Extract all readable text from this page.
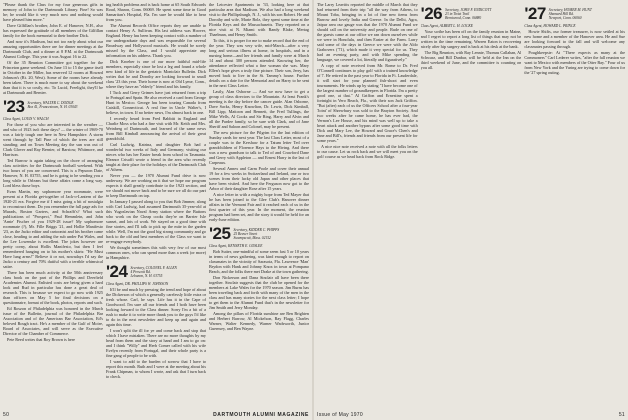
"Please thank the Class for my four generous gifts in memory of John to the Dartmouth Library. Fine! So was he; he would like it very much now and nothing would have pleased him more."

Dave Gilfillan's brother, John E. of Hanover, N.H., also has expressed the gratitude of all members of the Gilfillan family for the book memorial to their brother Dick.

And now it's Madison, but not too early about what our amazing opportunities there are for dinner meetings at the Dartmouth Club, and a dinner at 8 P.M. at the Dartmouth Alumni College. This year it was August 16 to 22.

Of the 35 Reunion Committee got together for the Princeton game weekend. On June 13 to 15 the game itself in October in the Miller, has reserved 12 rooms at Howard Johnson's (Rt. 20, West). Some of the rooms have already been taken. There is much more to say about the weekend than that it is so costly, etc. To Lucid, Freelight, they'll be at Dartmouth and Bernier.

'23 Secretary, WALTER C. DODGE
Box 41, Francestown, N. H. 03043
Class Agent, LOUIS V. WALCH

For those of you who are interested in the weather — and who of 1923 isn't these days? — the winter of 1969-70 was a fairly tough one here in New Hampshire. A storm went through by Tall Pine of which the trees are still standing; and on Town Meeting day the sun was out of Clark Glover and Ray Bernier, of Barstow, Whitmore, and Harrison.

Ted Barrow is again taking on the chore of arranging class activities for the Dartmouth football weekend. With two hours of you are concerned. This is a Pepsoon Date, Hanover, N. H. 03755, and he is going to be sending you a long while to Orleans but these affairs come a long way. Lord bless those boys.

Evan Martin, my sophomore year roommate, were present at a Florida get-together of Jack-o-Lantern of the 1920-21 era. Forgive me if I miss going a bit of nostalgia to reconstruct them. Do you remember the full page ads for Murads, Boston Garters, and Schrafft's? What such publications of "Prospect," Paul Hemmlein, and John 'Arnie' Fischer of you 1929-28 issue? My sophomore roommate (?), Mr. Fille Briggs '21, and Hollie Manifesto '23, as the Jacko editor and cartoonist and his brother came close, heading to and adding the sub under Pat Wales, and the Lee Lowenske is excellent. The jokes however are pretty corny, about Hollis Manifesto, but then I feel remembered hanging on to his mother's skirts: "He Must Have lung arms!" Believe it or not, nowadays I'd say the Jacko a century and 70% dutiful with a terrible whimsical satire.

There has been much activity at the 50th anniversary class book on the part of the Phillips and Deerfield Academies Alumni. Enlisted costs are being given a hard look and Rud in particular has done a great deal of research. This is because we expect to go now with 1925 than officers on May 5 for final decisions on a questionnaire, format of the book, photos, reports and such.

Ed Roszon of Philadelphia was honored in the March issue of the Bulletin, journal of the Philadelphia Bar Association and of the American Bar Association, Ed's beloved Rough tract. He's a member of the Gulf of Moire, Board of Associates, and will serve as the Executive Director of the Chamber of Commerce.

Pete Reed writes that Roy Brown is here

ing health problems and is back home at 65 South Edwards Road, Sharon, Conn. 06069. He spent some time in Good Samaritan's Hospital, Fla. I'm sure he would like to hear from you.

The Alumni Records Office reports they are unable to contact Henry A. Sullivan. His last address was Hoover, England. Henry has been keeping contact with a number of our undergraduate days and was responsible for several Broadway and Hollywood musicals. He would be sorely missed by the Class, and I would appreciate any information on his address. Thank you.

Dick Kroeber is one of our more faithful mid-life members, especially since he lost a leg and found a whole new kind of life in the geriatric Montclair Bulletin. Dick writes that he and Dorothy are looking forward to small class '23 this year. Their home is now at Old Lyme, Conn., where they have an "elderly" friend and his family.

I Tuck and Gerry Grimes have just returned from a trip to Portugal and Spain. He also received a card from George Hunt in Mexico. George has been touring Canada from Catskill, Connecticut. A real fine in Uncle Walter's, I believe, in town. If no better news, I'm almost back in one.

I recently heard from Fred Babbitt in England and Charlie Moss who had a fine visit with Mr. Keith and Mrs. Weinberg of Dartmouth, and learned of the same news from Bill Kimball announcing the arrival of their great grandchild.

Carl Ludwig, Katrina, and daughter Bob had a wonderful two weeks of Italy and Germany; visiting our nieces who has her Easter break from school in Tasmania. Eleanor Crisaffi wrote a friend in the area who recently taught at their place for the holidays of the Dartmouth Club of Athens.

Never you — the 1970 Alumni Fund drive is now underway. We are working on it that we hope our program expects it shall greatly contribute to the 1923 section, and we should not move back and to be sure we all do our part to keep Dartmouth on top.

In January I passed along to you that Bob Jimmer, along with Carl Ludwig, had assumed Dartmouth 35-year-old at this Yugoslavian Naval Army station where the Buttons who work on the Cheap cooks they're on Barrier Isle sunset, and lots of work. We stayed on a good time with fine stories, and I'll talk to pick up the mite in the garden while. Well, I'm not the good big strong community and go back to the old and best members of the Class we want to re-engage everybody.

We thought sometimes this with very few of our most common ones, who can spend more than a week (or more) in Hampshire.

'24 Secretary, COLONEL F. ALLEN
4 Prescott Rd.
Lebanon, N. H. 03755
Class Agent, DR. PHILLIPS W. JOHNSON

It'll be and much by pressing the trend and hope of about the Dickerson of which a generally carelessly little extra or fresh whose. Carl, he says. Life has it in the Cape of Goodwood. I'm sure all our friends and I both have been looking forward to the Class dinner. Sorry I'm a bit of a rush to make it to write more thank you to the guys I'd like to do in the next newsletter and keep up and again and again this time.

I won't split the ill for ye and come back and stop that which I have mistaken. There are no more thoughts by my head from them and the story at hand and I am to go on: and I think "Willy" and Herb Comer called with his wife Evelyn recently from Portugal, and their whole party is a fine gang of people to be with.

I want to add to the burden of sorrow that I have to report this month. Ruth and I were at the meeting about his Frank Chipman, to whom I wrote, and ask that I turn back to check.

the Leicester Apartments in '33, looking here at that particular area that Madison. We also had a long weekend visit to the Phillipsburgh, N. J., with his son Robert. He and Dorothy and wife, Marie Bolz, they spent some time at the Florida Keys and the Massachusetts. They reported on a nice visit at N. Miami with Randy Blake, Mertag Thaelman, and Henry Smith.

To this, it is proper for me to make record that the end of the year. They was very wife, mid-March—after a very long and serious illness at home, in hospitals, and in a nursing home—and her friends and family were at March 14 and about 300 persons attended. Knowing her, the attendance reflected what a fine woman she was. Mary Ellen's hope gives a truly fine picture. Their son, Jerry, has moved back to live in the St. Tammy's house. Further details on a date for the Memorial and on Harry to be sent in the next Class Letter.

Lastly, Alan Osborne — And we now have to get a group of class directors to the Mountain. At least Frank's meeting is the day before the cancer guide. Alan Osborne, Dave Sacks, Henry Knowlton, Dr. Lewis, Dick Kimball, Bill Lipp, Mattoon and Bennett, the Fred Tullings, the Mike Wells, Al Cooks and Sir Ring, Harry and Alvin and all the Pardee family, so be sure with Clark, and of Jane Sheriff and Saloon and Colonel, may be present.

The new picture for the Pilgrim for the last edition of Sunday cards for next year. The last Class Letter, most of a couple was to the Kershaw for a Tatum letter Ted over grandchildren of Florence Hays to the Hiving. And there was a new grandson to talk to Ted of and Crawford Dane and Gerry with Appleton — and Ernest Harry in the last of Carpeaux.

Several Annex and Carm Poole and cover their annual 19 for a few weeks in Switzerland and Ireland, one or two scenes from their lucky old Japan and other places that have been visited. And here the Ferguson now got to the Arbor of their daughter Rose after 15 years.

A nice letter in with a mighty hope from Ted Mayer that he has been joined to the Glee Club's Hanover dinner affairs in the Vermont Fair and it reached each of us in the first quarter of this year. In the moment, the reunion program had been set, and the story it would be held for an early-June edition.

'25 Secretary, KIDDER C. PHIPPS
25 Beaver Street
Swampscott, Mass. 02152
Class Agent, KENNETH E. GOSLEE

Bob Sutter, one-mindful of some seem fast 5 or 10 years in terms of news gathering, was kind enough to report on classmates in the vicinity of Sarasota, Fla. Lawrence 'Man' Brydon with Hank and Johnny Knox in town at Pompano Beach, and the folks there met Drake at the town gathering.

Don Nickerson and Dana Sinclair all have been there together. Sinclair suggests that the club be opened for the members at Lake Wales for the 1970 season. Jim Burns has been traveling back and forth with many of the men in the class and has many stories for the next class letter; I hope to get them to the Alumni Fund that's in the newsletter for Jim Smith and Jerry Monday.

Among the pillars of Florida sunshine are Ben Brighten and Herbert Barrow, Al Mickelson, Ray Flagg, Charles Warner, Walter Kennedy, Warner Wadsworth, Junior Guernsey, and Ben Wayne.

50	DARTMOUTH ALUMNI MAGAZINE

The Larry Leavitts reported the middle of March that they had returned from their trip "all the way from Athens, to Mount Toba, bringing in a lot of fine new items from Barrow and lovely India and Greece. In the Delhi, Agra, Jaipur area our gauge was that the 1970 Alumni Fund we should call on the university and people. Rude on one of the guests came at our office we ran down ourselves while we were in Honolulu, and then Easter at the Farm. Larry said some of the days in Greece we were with the Aldo Grabovers ('71), which made it very special for us. They had an evening party, and with Mike spending the language, we covered a lot, literally and figuratively."

A copy of note received from Mr. Rome to Dr. Fred O'Connell continues to play golf with a trained knowledge of 7. He retired in the past year to Florida in Ft. Lauderdale, it will start for your planned fish-shoot and even tournaments. He winds up by stating "I have become one of the largest number of groundkeepers in Florida. I'm a pretty good one, at that." Al Griffon and Ernestine spent a fortnight in Vero Beach, Fla., with their son Jack Griffon. "But (after) each of us the Officers School after a four-year 'Joint' of Shrewbury was sold to the Brayton Society. And two weeks after he came home, he has ever had, the Vernon's Lee House, and his mind was well up to take a heart attack and another bypass after some good time with Dick and Mary Lee, the Howard and Grace's Chen's and Jane and Bill's, friends and friends from our present life for some years."

A nice nice note received a note with all the folks letters to our cause. Let us rock back and we will meet you on the golf course as we head back from Rock Ridge.

'26 Secretary, JOHN F. ENDICOTT
23 in Tiriat Trail
Brentwood, Conn. 06880
Class Agent, ALBERT L. H. LOCKE

Your scribe has been off on the family reunion in Maine, and I regret to report a long list of things that may not be written in the time remaining. Warren Eaton is recovering nicely after hip surgery and is back at his desk at the bank.

The Big Reunion, with Ray Lennie, Thomas Callahan, Al Schwarz, and Bill Dunbar, will be held at the Inn on the third weekend of June, and the committee is counting on you all.

'27 Secretary, HOMER M. HUNT
Shamard Hill Rd.
Newport, Conn. 06060
Class Agent, HOWARD L. PRINCE

Howie Shifts, our former treasurer, is now settled at his new home and a member of the Hanover area. He and Sue are looking forward to the fall and will welcome any classmates passing through.

Poughkeepsie: At "There expects as many at the Commoners" Carl Lederer writes, "after the fall reunion we want to Mexico with members of the Otter Bay." Four of us from New York and the Yaring are trying to come down for the '27 spring outing.

Issue of May 1970	51
